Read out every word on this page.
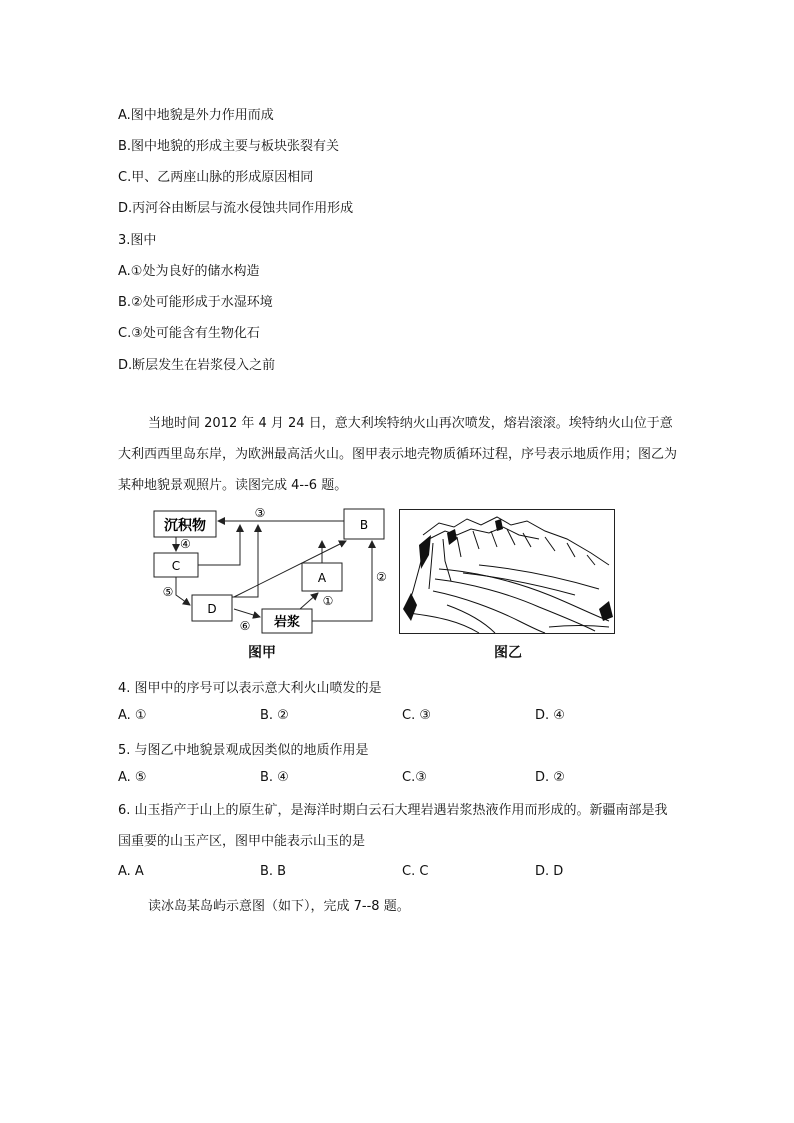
A.图中地貌是外力作用而成
B.图中地貌的形成主要与板块张裂有关
C.甲、乙两座山脉的形成原因相同
D.丙河谷由断层与流水侵蚀共同作用形成
3.图中
A.①处为良好的储水构造
B.②处可能形成于水湿环境
C.③处可能含有生物化石
D.断层发生在岩浆侵入之前
当地时间 2012 年 4 月 24 日，意大利埃特纳火山再次喷发，熔岩滚滚。埃特纳火山位于意大利西西里岛东岸，为欧洲最高活火山。图甲表示地壳物质循环过程，序号表示地质作用；图乙为某种地貌景观照片。读图完成 4--6 题。
沉积物	B
C
D
A
岩浆
①
②
③
④
⑤
⑥
图甲	图乙
4. 图甲中的序号可以表示意大利火山喷发的是
A. ①	B. ②	C. ③	D. ④
5. 与图乙中地貌景观成因类似的地质作用是
A. ⑤	B. ④	C.③	D. ②
6. 山玉指产于山上的原生矿，是海洋时期白云石大理岩遇岩浆热液作用而形成的。新疆南部是我国重要的山玉产区，图甲中能表示山玉的是
A. A	B. B	C. C	D. D
读冰岛某岛屿示意图（如下），完成 7--8 题。
